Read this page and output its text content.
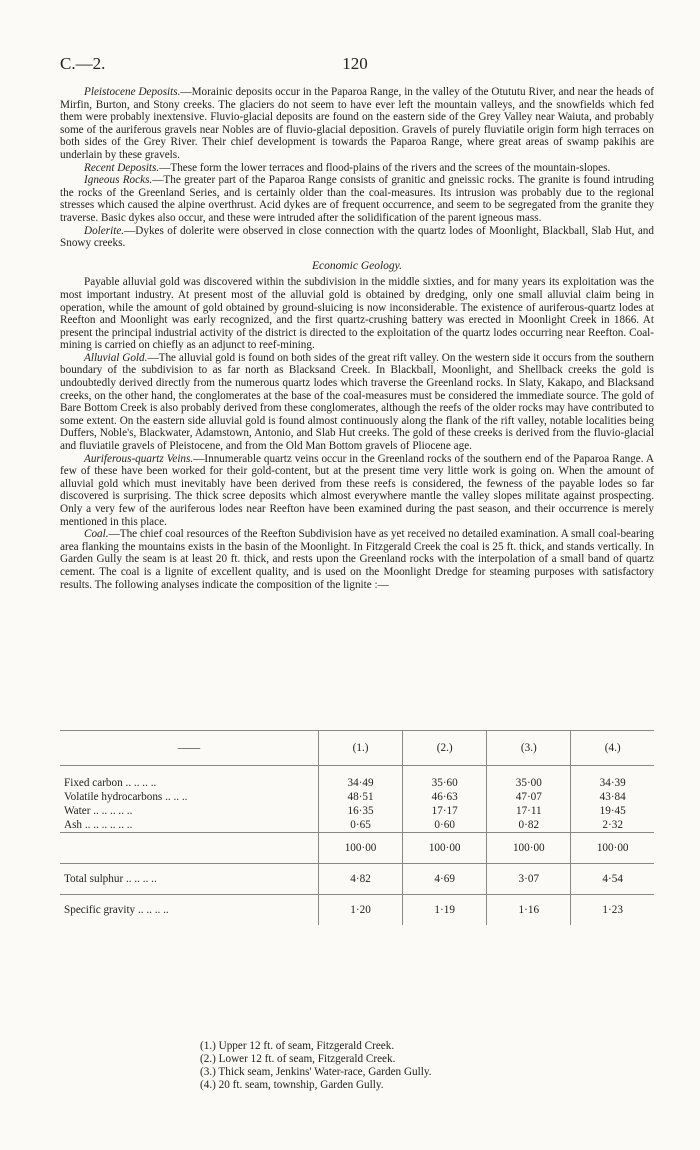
C.—2.	120

Pleistocene Deposits.—Morainic deposits occur in the Paparoa Range, in the valley of the Otututu River, and near the heads of Mirfin, Burton, and Stony creeks. The glaciers do not seem to have ever left the mountain valleys, and the snowfields which fed them were probably inextensive. Fluvio-glacial deposits are found on the eastern side of the Grey Valley near Waiuta, and probably some of the auriferous gravels near Nobles are of fluvio-glacial deposition. Gravels of purely fluviatile origin form high terraces on both sides of the Grey River. Their chief development is towards the Paparoa Range, where great areas of swamp pakihis are underlain by these gravels.

Recent Deposits.—These form the lower terraces and flood-plains of the rivers and the screes of the mountain-slopes.

Igneous Rocks.—The greater part of the Paparoa Range consists of granitic and gneissic rocks. The granite is found intruding the rocks of the Greenland Series, and is certainly older than the coal-measures. Its intrusion was probably due to the regional stresses which caused the alpine overthrust. Acid dykes are of frequent occurrence, and seem to be segregated from the granite they traverse. Basic dykes also occur, and these were intruded after the solidification of the parent igneous mass.

Dolerite.—Dykes of dolerite were observed in close connection with the quartz lodes of Moonlight, Blackball, Slab Hut, and Snowy creeks.

Economic Geology.

Payable alluvial gold was discovered within the subdivision in the middle sixties, and for many years its exploitation was the most important industry. At present most of the alluvial gold is obtained by dredging, only one small alluvial claim being in operation, while the amount of gold obtained by ground-sluicing is now inconsiderable. The existence of auriferous-quartz lodes at Reefton and Moonlight was early recognized, and the first quartz-crushing battery was erected in Moonlight Creek in 1866. At present the principal industrial activity of the district is directed to the exploitation of the quartz lodes occurring near Reefton. Coal-mining is carried on chiefly as an adjunct to reef-mining.

Alluvial Gold.—The alluvial gold is found on both sides of the great rift valley. On the western side it occurs from the southern boundary of the subdivision to as far north as Blacksand Creek. In Blackball, Moonlight, and Shellback creeks the gold is undoubtedly derived directly from the numerous quartz lodes which traverse the Greenland rocks. In Slaty, Kakapo, and Blacksand creeks, on the other hand, the conglomerates at the base of the coal-measures must be considered the immediate source. The gold of Bare Bottom Creek is also probably derived from these conglomerates, although the reefs of the older rocks may have contributed to some extent. On the eastern side alluvial gold is found almost continuously along the flank of the rift valley, notable localities being Duffers, Noble's, Blackwater, Adamstown, Antonio, and Slab Hut creeks. The gold of these creeks is derived from the fluvio-glacial and fluviatile gravels of Pleistocene, and from the Old Man Bottom gravels of Pliocene age.

Auriferous-quartz Veins.—Innumerable quartz veins occur in the Greenland rocks of the southern end of the Paparoa Range. A few of these have been worked for their gold-content, but at the present time very little work is going on. When the amount of alluvial gold which must inevitably have been derived from these reefs is considered, the fewness of the payable lodes so far discovered is surprising. The thick scree deposits which almost everywhere mantle the valley slopes militate against prospecting. Only a very few of the auriferous lodes near Reefton have been examined during the past season, and their occurrence is merely mentioned in this place.

Coal.—The chief coal resources of the Reefton Subdivision have as yet received no detailed examination. A small coal-bearing area flanking the mountains exists in the basin of the Moonlight. In Fitzgerald Creek the coal is 25 ft. thick, and stands vertically. In Garden Gully the seam is at least 20 ft. thick, and rests upon the Greenland rocks with the interpolation of a small band of quartz cement. The coal is a lignite of excellent quality, and is used on the Moonlight Dredge for steaming purposes with satisfactory results. The following analyses indicate the composition of the lignite :—

——	(1.)	(2.)	(3.)	(4.)
Fixed carbon .. .. .. ..	34·49	35·60	35·00	34·39
Volatile hydrocarbons .. .. ..	48·51	46·63	47·07	43·84
Water .. .. .. .. ..	16·35	17·17	17·11	19·45
Ash .. .. .. .. .. ..	0·65	0·60	0·82	2·32
	100·00	100·00	100·00	100·00
Total sulphur .. .. .. ..	4·82	4·69	3·07	4·54
Specific gravity .. .. .. ..	1·20	1·19	1·16	1·23
(1.) Upper 12 ft. of seam, Fitzgerald Creek.
(2.) Lower 12 ft. of seam, Fitzgerald Creek.
(3.) Thick seam, Jenkins' Water-race, Garden Gully.
(4.) 20 ft. seam, township, Garden Gully.
